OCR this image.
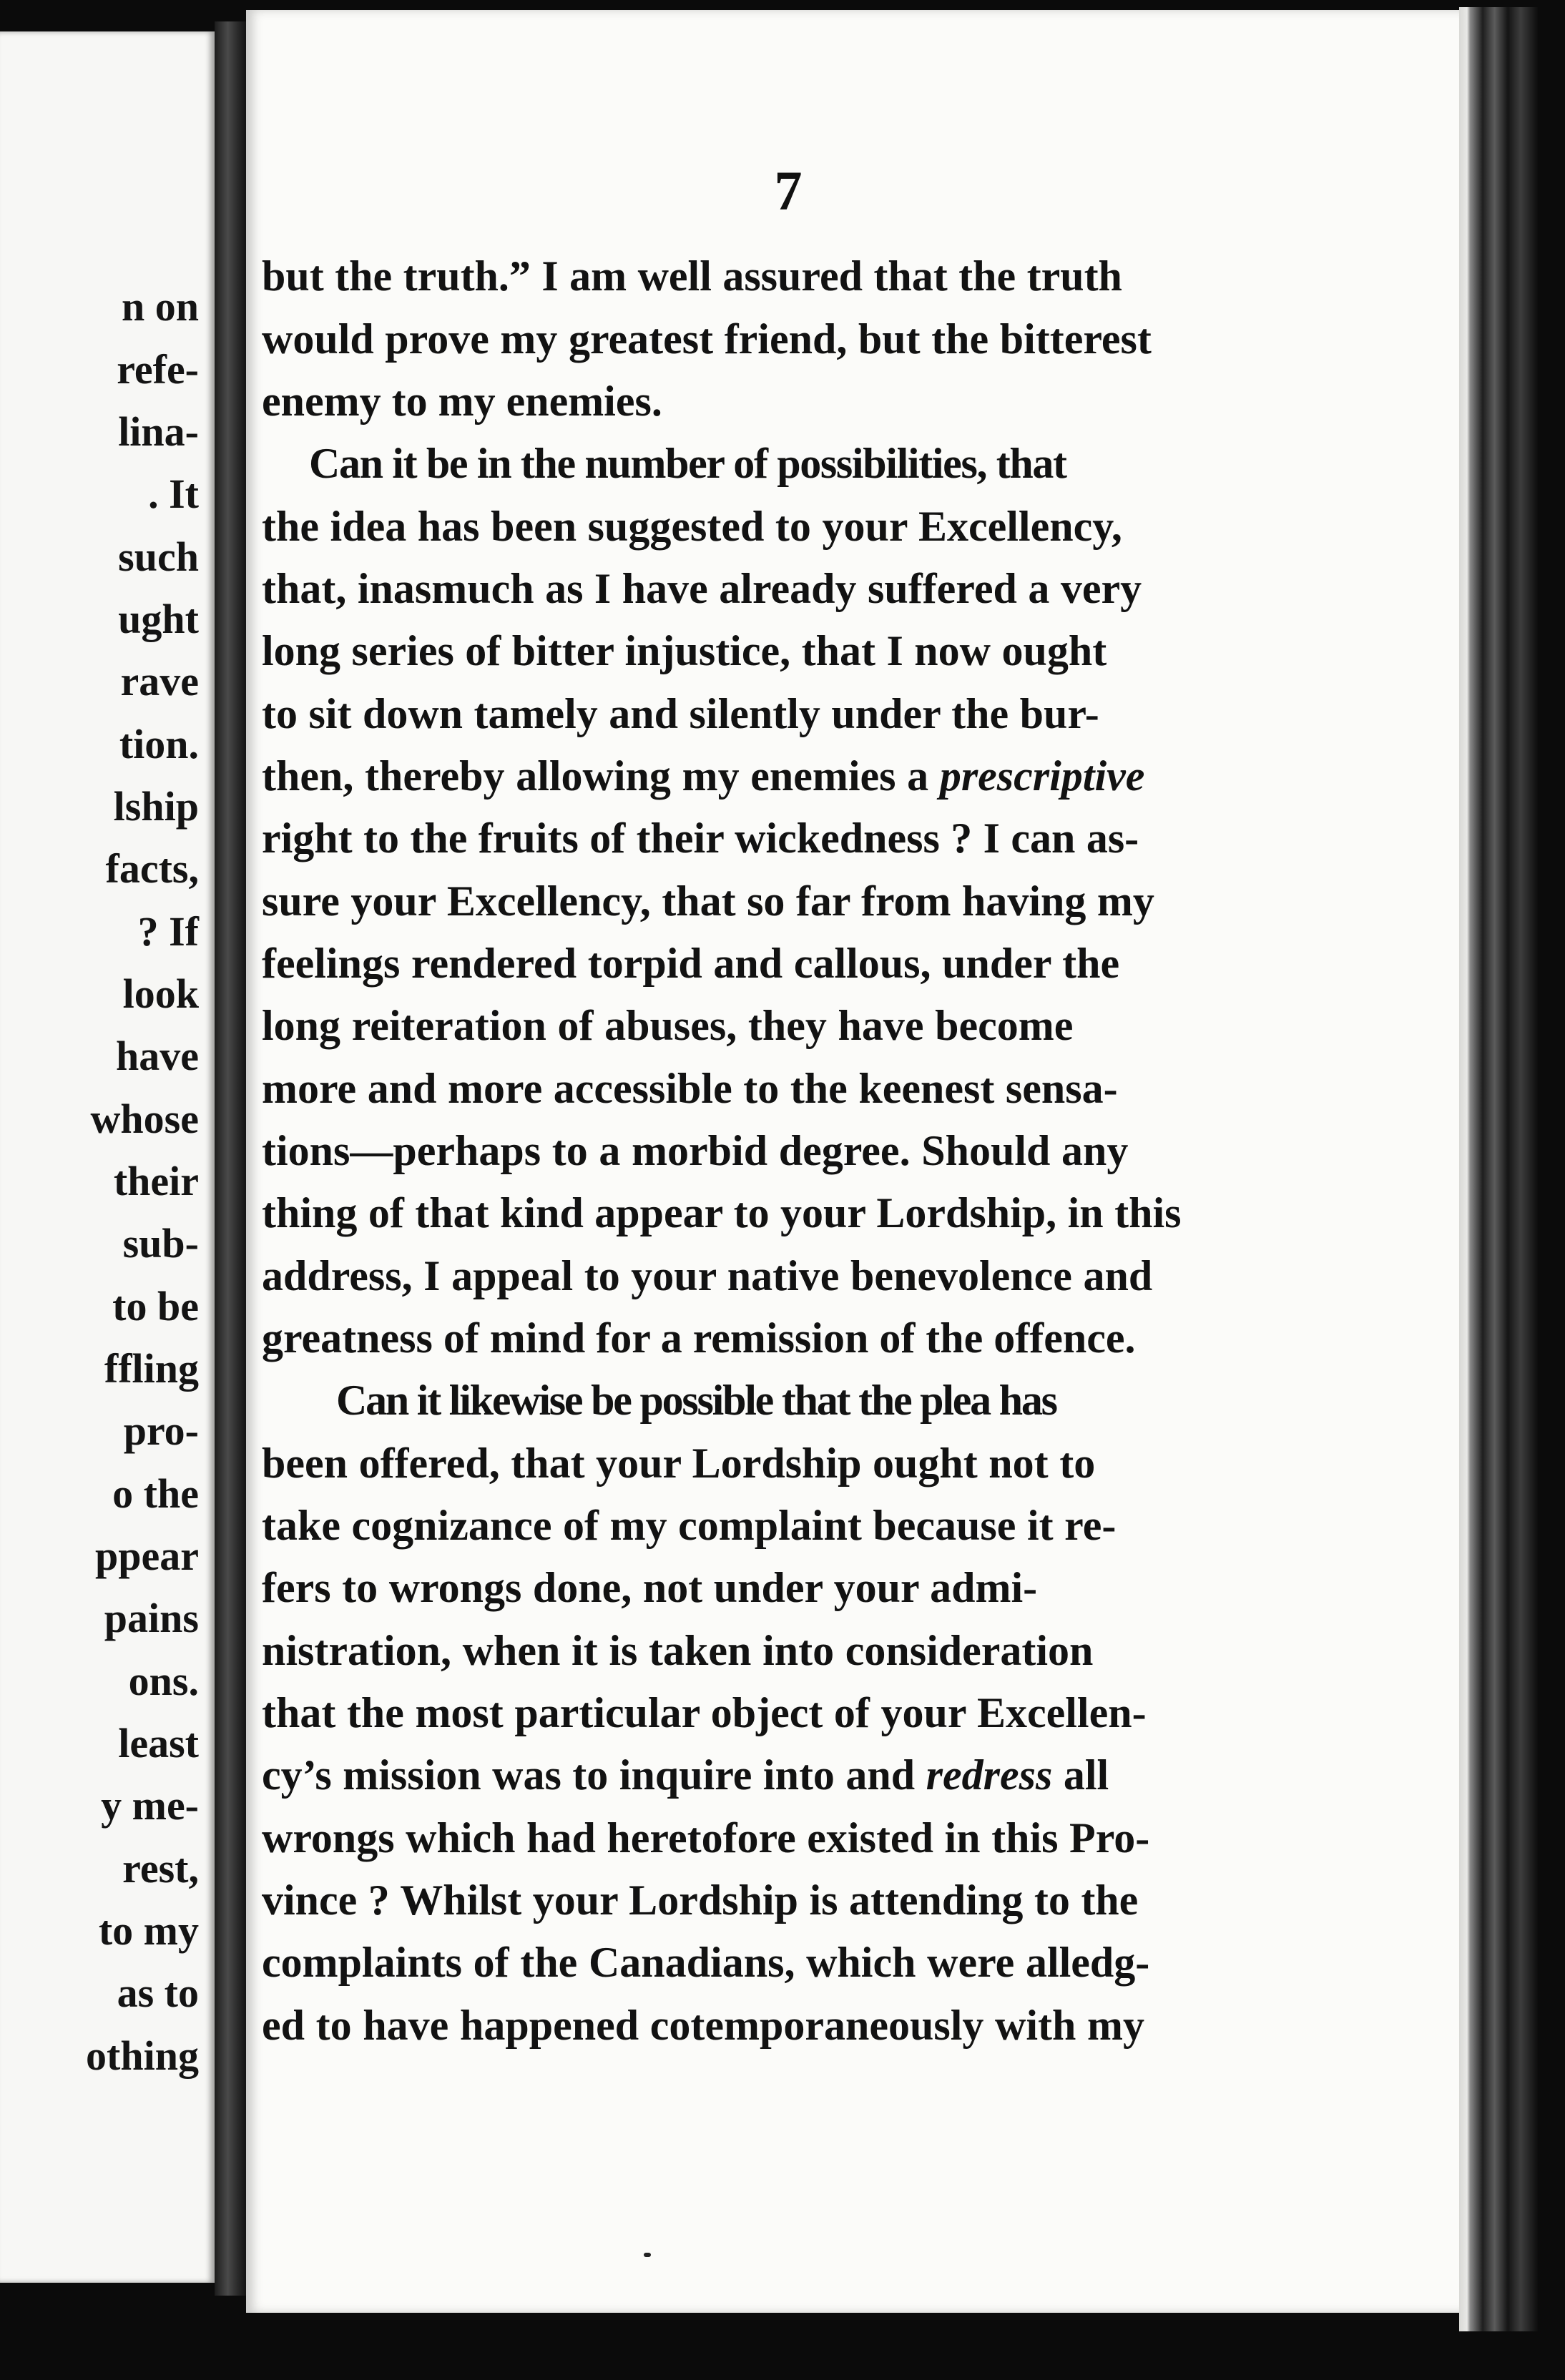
n on
refe-
lina-
. It
such
ught
rave
tion.
lship
facts,
? If
look
have
whose
their
sub-
to be
ffling
pro-
o the
ppear
pains
ons.
least
y me-
rest,
to my
as to
othing
7
but the truth.” I am well assured that the truth
would prove my greatest friend, but the bitterest
enemy to my enemies.
Can it be in the number of possibilities, that
the idea has been suggested to your Excellency,
that, inasmuch as I have already suffered a very
long series of bitter injustice, that I now ought
to sit down tamely and silently under the bur-
then, thereby allowing my enemies a prescriptive
right to the fruits of their wickedness ? I can as-
sure your Excellency, that so far from having my
feelings rendered torpid and callous, under the
long reiteration of abuses, they have become
more and more accessible to the keenest sensa-
tions—perhaps to a morbid degree. Should any
thing of that kind appear to your Lordship, in this
address, I appeal to your native benevolence and
greatness of mind for a remission of the offence.
Can it likewise be possible that the plea has
been offered, that your Lordship ought not to
take cognizance of my complaint because it re-
fers to wrongs done, not under your admi-
nistration, when it is taken into consideration
that the most particular object of your Excellen-
cy’s mission was to inquire into and redress all
wrongs which had heretofore existed in this Pro-
vince ? Whilst your Lordship is attending to the
complaints of the Canadians, which were alledg-
ed to have happened cotemporaneously with my
